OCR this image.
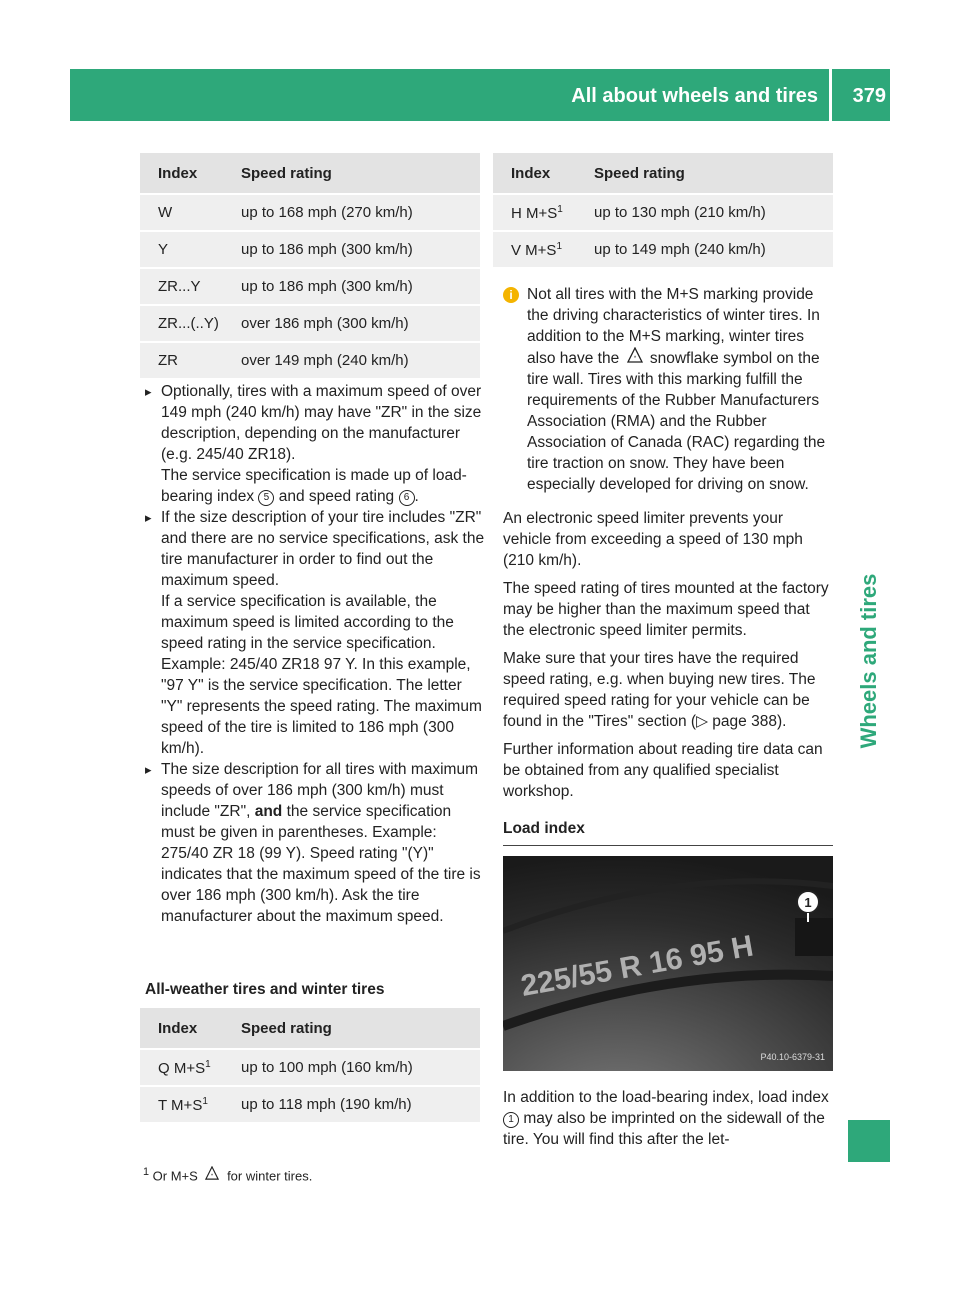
All about wheels and tires 379
Wheels and tires
Index	Speed rating
W	up to 168 mph (270 km/h)
Y	up to 186 mph (300 km/h)
ZR...Y	up to 186 mph (300 km/h)
ZR...(..Y)	over 186 mph (300 km/h)
ZR	over 149 mph (240 km/h)

▸ Optionally, tires with a maximum speed of over 149 mph (240 km/h) may have "ZR" in the size description, depending on the manufacturer (e.g. 245/40 ZR18).

The service specification is made up of load-bearing index 5 and speed rating 6 .

▸ If the size description of your tire includes "ZR" and there are no service specifications, ask the tire manufacturer in order to find out the maximum speed.

If a service specification is available, the maximum speed is limited according to the speed rating in the service specification. Example: 245/40 ZR18 97 Y. In this example, "97 Y" is the service specification. The letter "Y" represents the speed rating. The maximum speed of the tire is limited to 186 mph (300 km/h).

▸ The size description for all tires with maximum speeds of over 186 mph (300 km/h) must include "ZR", and the service specification must be given in parentheses. Example: 275/40 ZR 18 (99 Y). Speed rating "(Y)" indicates that the maximum speed of the tire is over 186 mph (300 km/h). Ask the tire manufacturer about the maximum speed.

All-weather tires and winter tires
Index	Speed rating
Q $M+S^1$	up to 100 mph (160 km/h)
T $M+S^1$	up to 118 mph (190 km/h)
Index	Speed rating
H $M+S^1$	up to 130 mph (210 km/h)
V $M+S^1$	up to 149 mph (240 km/h)
i Not all tires with the M+S marking provide the driving characteristics of winter tires. In addition to the M+S marking, winter tires also have the * snowflake symbol on the tire wall. Tires with this marking fulfill the requirements of the Rubber Manufacturers Association (RMA) and the Rubber Association of Canada (RAC) regarding the tire traction on snow. They have been especially developed for driving on snow.

An electronic speed limiter prevents your vehicle from exceeding a speed of 130 mph (210 km/h).

The speed rating of tires mounted at the factory may be higher than the maximum speed that the electronic speed limiter permits.

Make sure that your tires have the required speed rating, e.g. when buying new tires. The required speed rating for your vehicle can be found in the "Tires" section (▷ page 388).

Further information about reading tire data can be obtained from any qualified specialist workshop.

Load index
225/55 R 16 95 H
1
P40.10-6379-31
In addition to the load-bearing index, load index 1 may also be imprinted on the sidewall of the tire. You will find this after the let-
$^1$ Or M+S * for winter tires.
